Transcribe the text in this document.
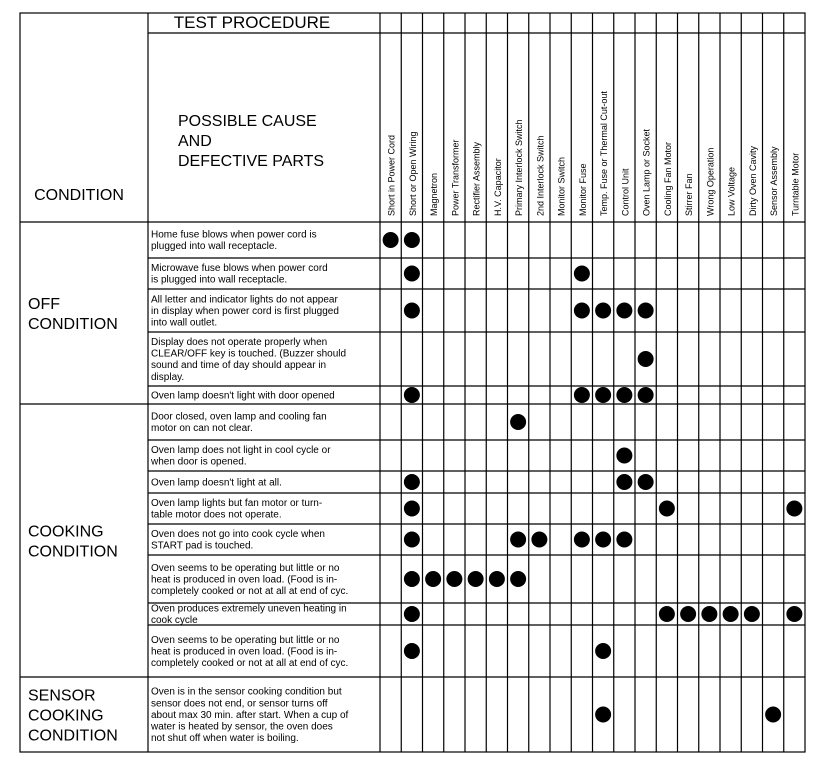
TEST PROCEDURE
CONDITION
POSSIBLE CAUSE
AND
DEFECTIVE PARTS	Short in Power Cord Short or Open Wiring Magnetron Power Transformer Rectifier Assembly H.V. Capacitor Primary Interlock Switch 2nd Interlock Switch Monitor Switch Monitor Fuse Temp. Fuse or Thermal Cut-out Control Unit Oven Lamp or Socket Cooling Fan Motor Stirrer Fan Wrong Operation Low Voltage Dirty Oven Cavity Sensor Assembly Turntable Motor
OFF
CONDITION
COOKING
CONDITION
SENSOR
COOKING
CONDITION
Home fuse blows when power cord is
plugged into wall receptacle.
Microwave fuse blows when power cord
is plugged into wall receptacle.
All letter and indicator lights do not appear
in display when power cord is first plugged
into wall outlet.
Display does not operate properly when
CLEAR/OFF key is touched. (Buzzer should
sound and time of day should appear in
display.
Oven lamp doesn't light with door opened
Door closed, oven lamp and cooling fan
motor on can not clear.
Oven lamp does not light in cool cycle or
when door is opened.
Oven lamp doesn't light at all.
Oven lamp lights but fan motor or turn-
table motor does not operate.
Oven does not go into cook cycle when
START pad is touched.
Oven seems to be operating but little or no
heat is produced in oven load. (Food is in-
completely cooked or not at all at end of cyc.
Oven produces extremely uneven heating in
cook cycle
Oven seems to be operating but little or no
heat is produced in oven load. (Food is in-
completely cooked or not at all at end of cyc.
Oven is in the sensor cooking condition but
sensor does not end, or sensor turns off
about max 30 min. after start. When a cup of
water is heated by sensor, the oven does
not shut off when water is boiling.
